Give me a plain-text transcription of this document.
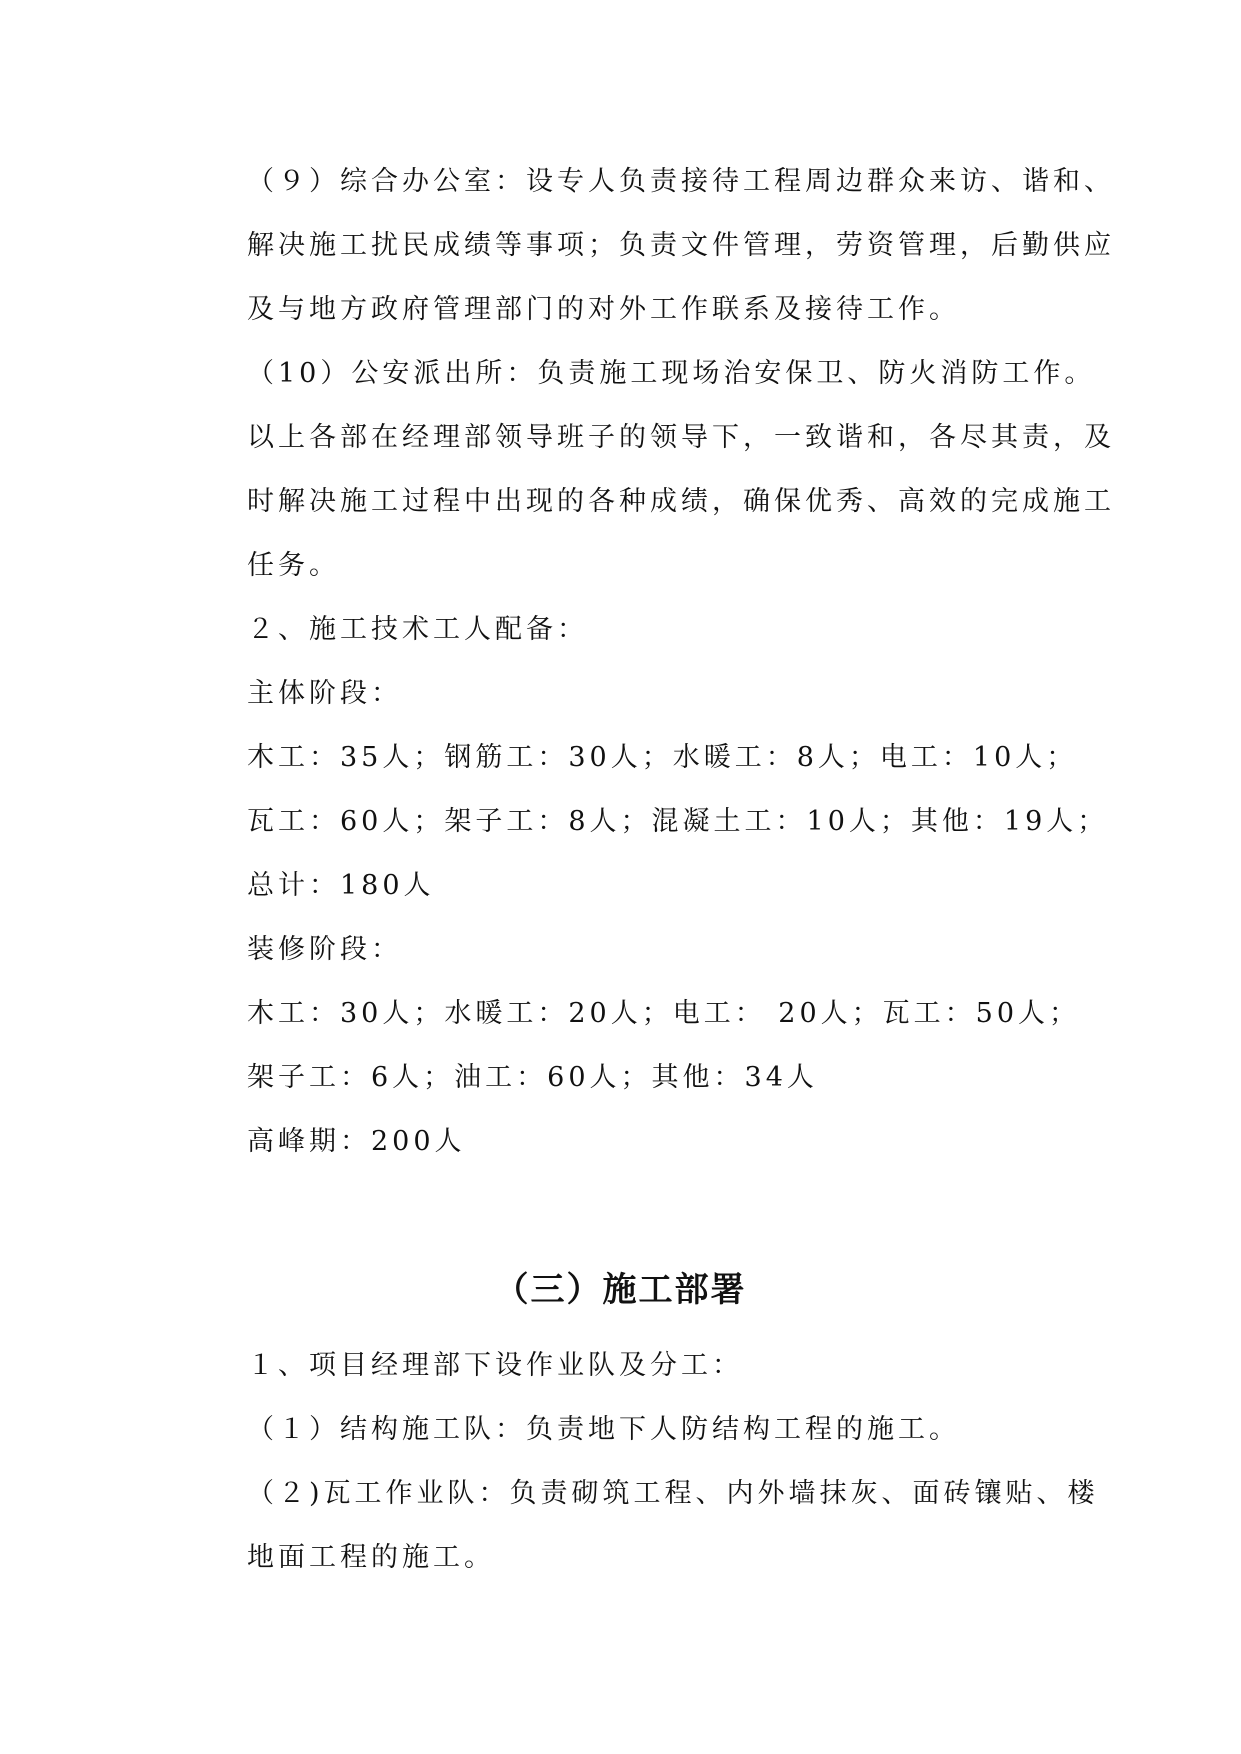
（９）综合办公室：设专人负责接待工程周边群众来访、谐和、
解决施工扰民成绩等事项；负责文件管理，劳资管理，后勤供应
及与地方政府管理部门的对外工作联系及接待工作。
（10）公安派出所：负责施工现场治安保卫、防火消防工作。
以上各部在经理部领导班子的领导下，一致谐和，各尽其责，及
时解决施工过程中出现的各种成绩，确保优秀、高效的完成施工
任务。
２、施工技术工人配备：
主体阶段：
木工：35人；钢筋工：30人；水暖工：8人；电工：10人；
瓦工：60人；架子工：8人；混凝土工：10人；其他：19人；
总计：180人
装修阶段：
木工：30人；水暖工：20人；电工： 20人；瓦工：50人；
架子工：6人；油工：60人；其他：34人
高峰期：200人
（三）施工部署
１、项目经理部下设作业队及分工：
（１）结构施工队：负责地下人防结构工程的施工。
（２)瓦工作业队：负责砌筑工程、内外墙抹灰、面砖镶贴、楼
地面工程的施工。
